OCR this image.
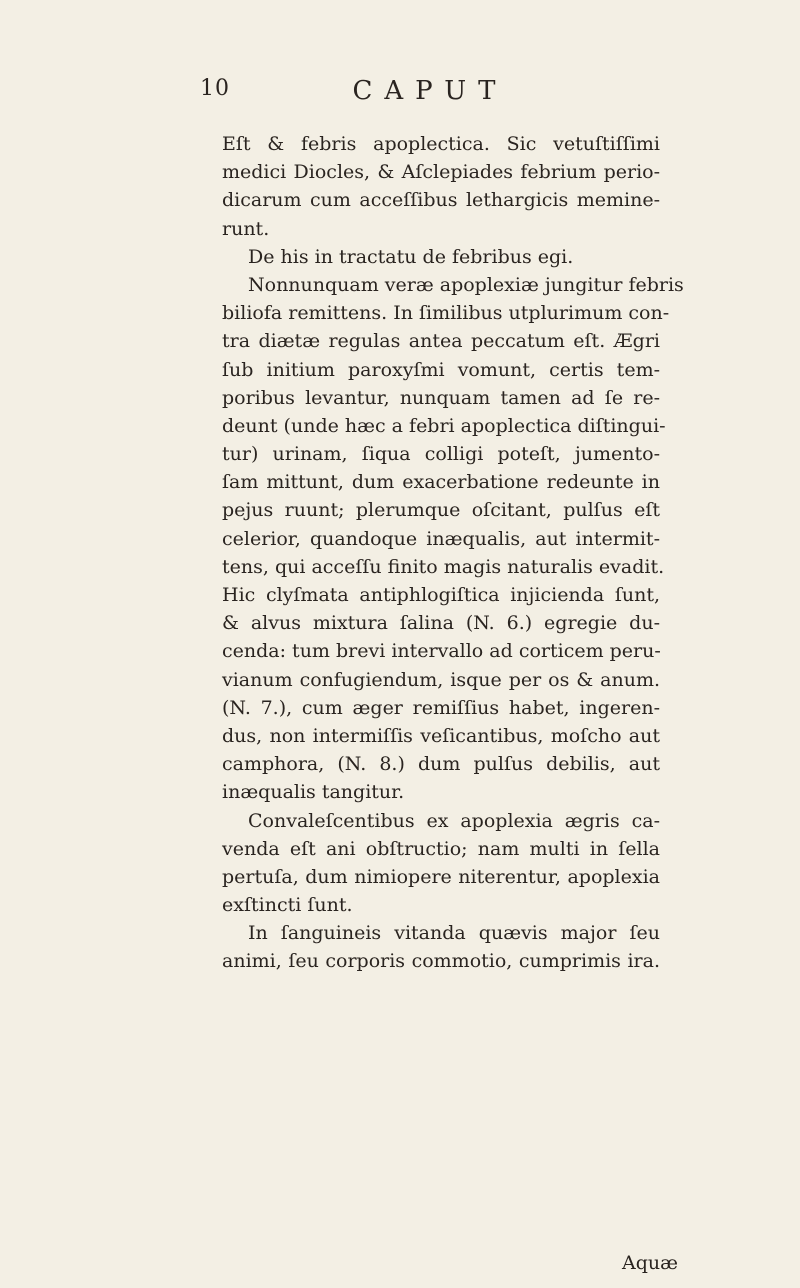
10	CAPUT
Eſt & febris apoplectica. Sic vetuſtiſſimi
medici Diocles, & Aſclepiades febrium perio-
dicarum cum acceſſibus lethargicis memine-
runt.
De his in tractatu de febribus egi.
Nonnunquam veræ apoplexiæ jungitur febris
biliofa remittens. In ſimilibus utplurimum con-
tra diætæ regulas antea peccatum eſt. Ægri
ſub initium paroxyſmi vomunt, certis tem-
poribus levantur, nunquam tamen ad ſe re-
deunt (unde hæc a febri apoplectica diſtingui-
tur) urinam, ſiqua colligi poteſt, jumento-
ſam mittunt, dum exacerbatione redeunte in
pejus ruunt; plerumque oſcitant, pulſus eſt
celerior, quandoque inæqualis, aut intermit-
tens, qui acceſſu finito magis naturalis evadit.
Hic clyſmata antiphlogiſtica injicienda ſunt,
& alvus mixtura ſalina (N. 6.) egregie du-
cenda: tum brevi intervallo ad corticem peru-
vianum confugiendum, isque per os & anum.
(N. 7.), cum æger remiſſius habet, ingeren-
dus, non intermiſſis veſicantibus, moſcho aut
camphora, (N. 8.) dum pulſus debilis, aut
inæqualis tangitur.
Convaleſcentibus ex apoplexia ægris ca-
venda eſt ani obſtructio; nam multi in ſella
pertuſa, dum nimiopere niterentur, apoplexia
exſtincti ſunt.
In ſanguineis vitanda quævis major ſeu
animi, ſeu corporis commotio, cumprimis ira.
Aquæ
